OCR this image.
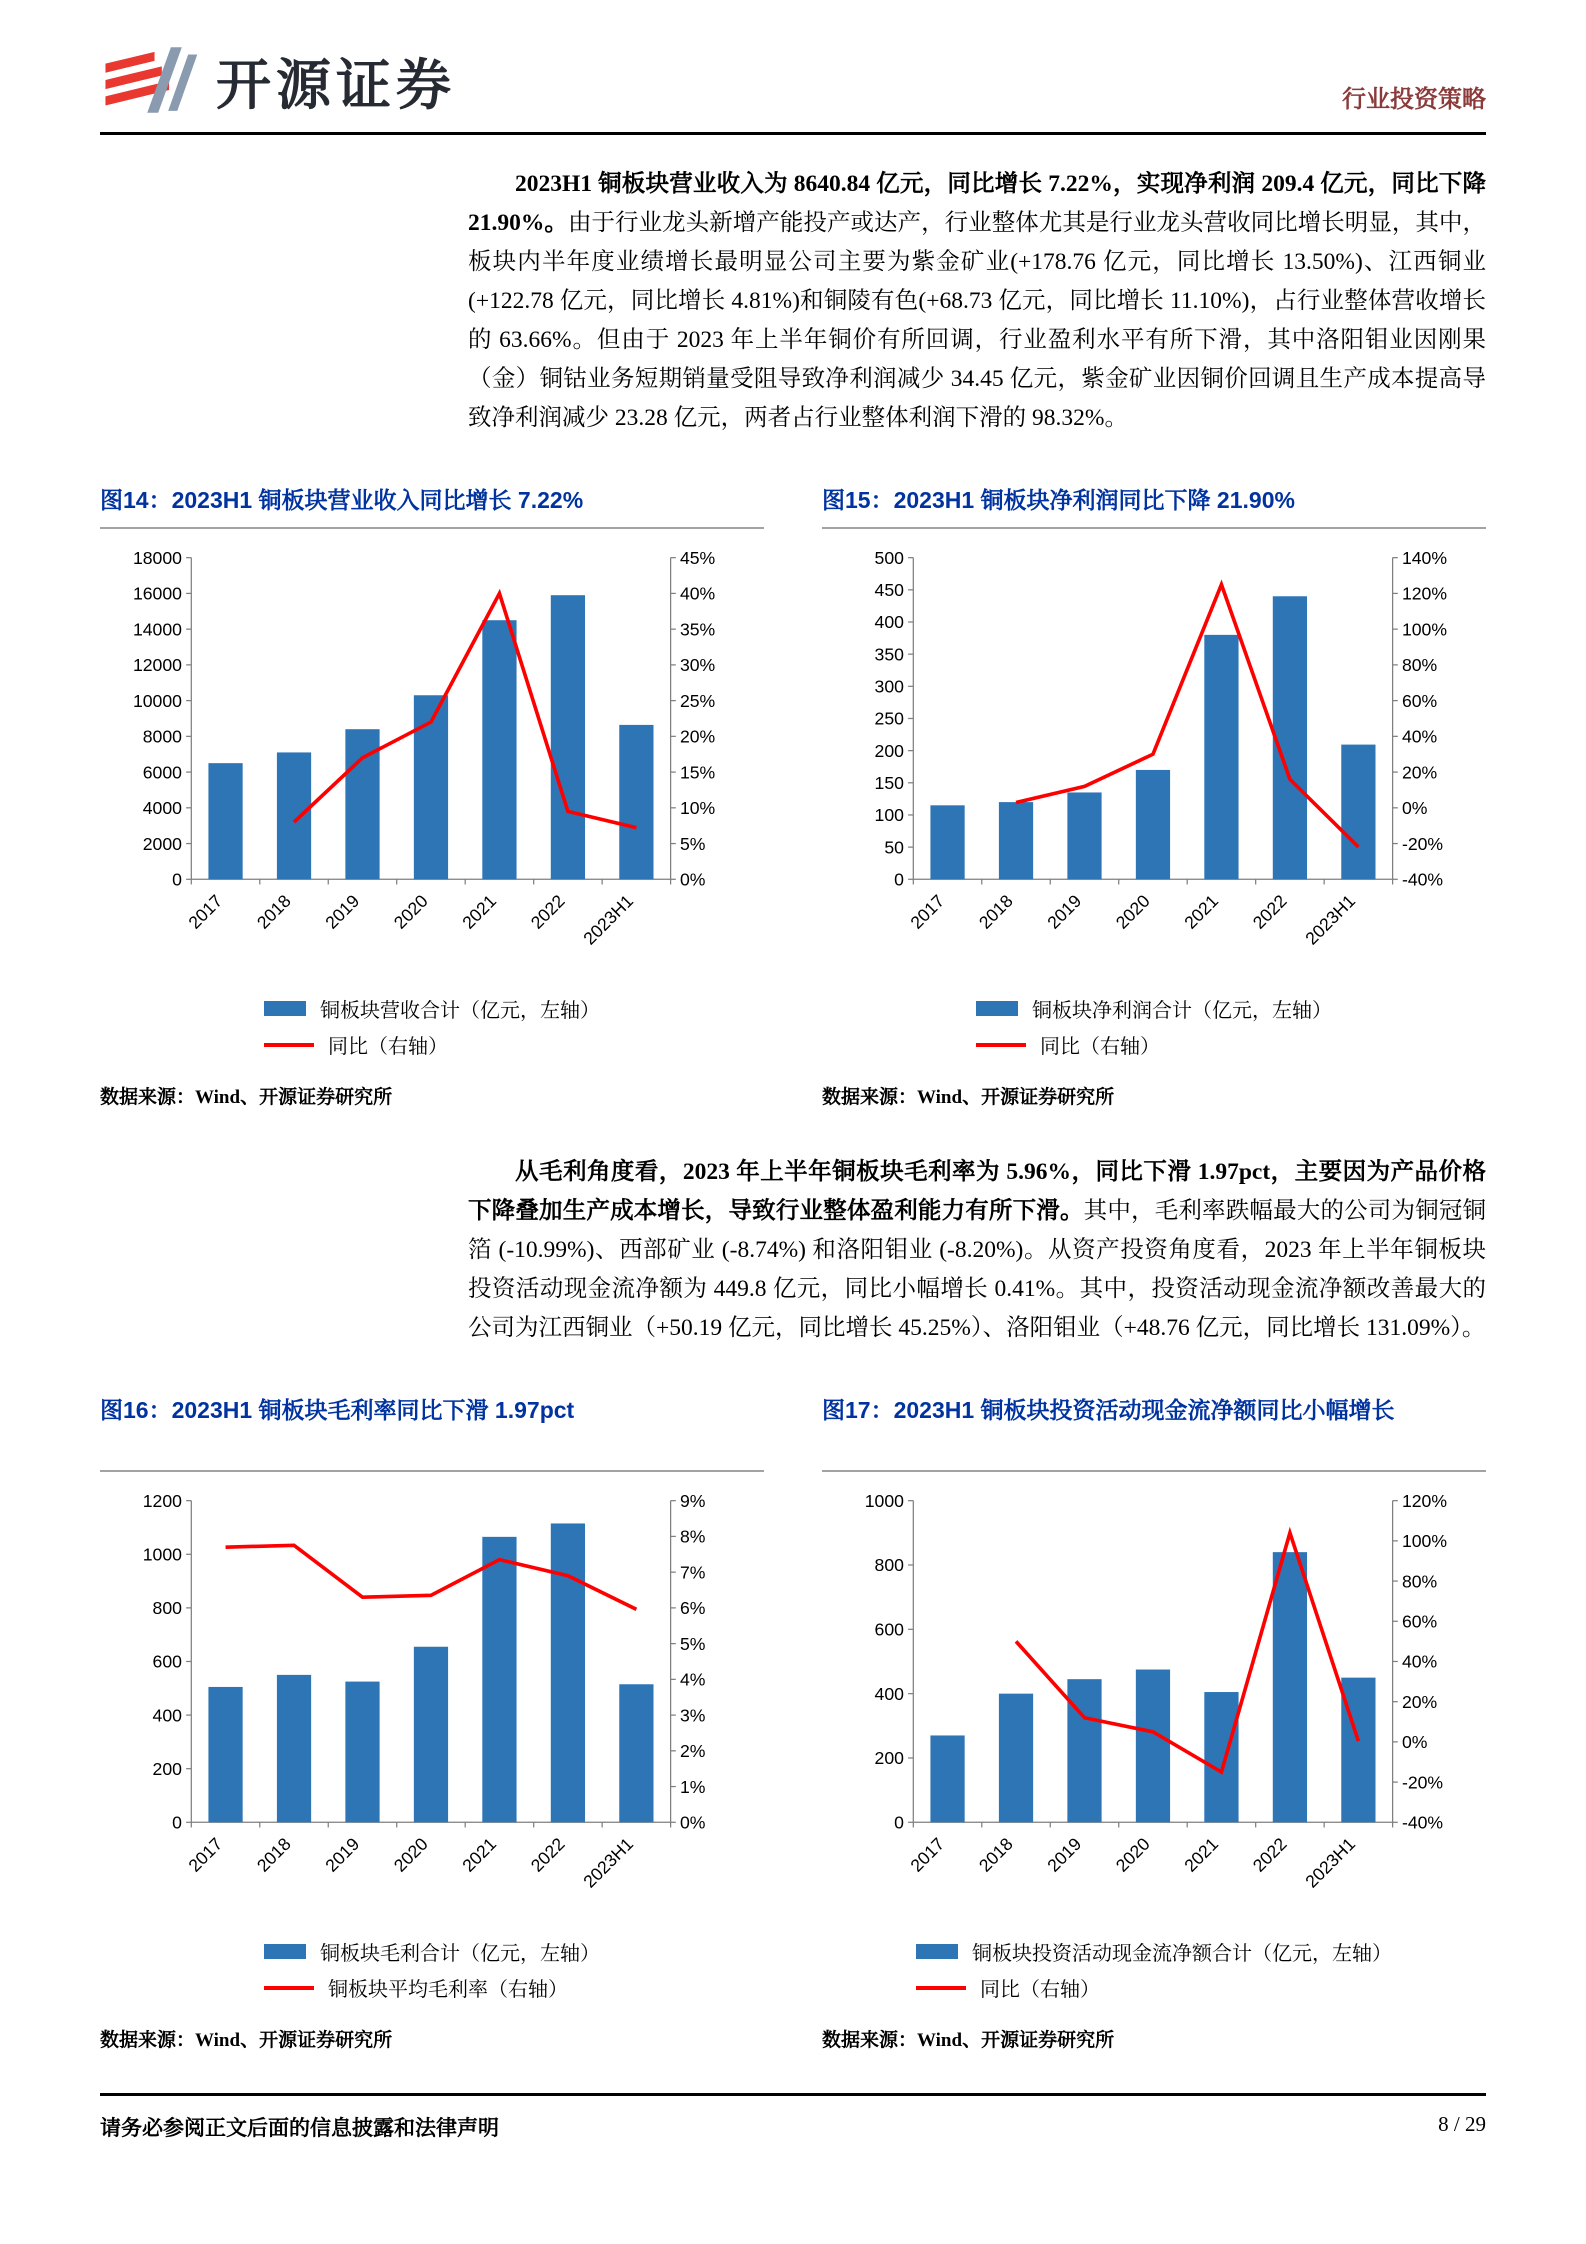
开源证券	行业投资策略

2023H1 铜板块营业收入为 8640.84 亿元，同比增长 7.22%，实现净利润 209.4 亿元，同比下降 21.90%。由于行业龙头新增产能投产或达产，行业整体尤其是行业龙头营收同比增长明显，其中，板块内半年度业绩增长最明显公司主要为紫金矿业(+178.76 亿元，同比增长 13.50%)、江西铜业(+122.78 亿元，同比增长 4.81%)和铜陵有色(+68.73 亿元，同比增长 11.10%)，占行业整体营收增长的 63.66%。但由于 2023 年上半年铜价有所回调，行业盈利水平有所下滑，其中洛阳钼业因刚果（金）铜钴业务短期销量受阻导致净利润减少 34.45 亿元，紫金矿业因铜价回调且生产成本提高导致净利润减少 23.28 亿元，两者占行业整体利润下滑的 98.32%。

图14：2023H1 铜板块营业收入同比增长 7.22%
0
2000
4000
6000
8000
10000
12000
14000
16000
18000
0%
5%
10%
15%
20%
25%
30%
35%
40%
45%
2017 2018 2019 2020 2021 2022 2023H1
铜板块营收合计（亿元，左轴）
同比（右轴）
数据来源：Wind、开源证券研究所
图15：2023H1 铜板块净利润同比下降 21.90%
0
50
100
150
200
250
300
350
400
450
500
-40%
-20%
0%
20%
40%
60%
80%
100%
120%
140%
2017 2018 2019 2020 2021 2022 2023H1
铜板块净利润合计（亿元，左轴）
同比（右轴）
数据来源：Wind、开源证券研究所

从毛利角度看，2023 年上半年铜板块毛利率为 5.96%，同比下滑 1.97pct，主要因为产品价格下降叠加生产成本增长，导致行业整体盈利能力有所下滑。其中，毛利率跌幅最大的公司为铜冠铜箔 (-10.99%)、西部矿业 (-8.74%) 和洛阳钼业 (-8.20%)。从资产投资角度看，2023 年上半年铜板块投资活动现金流净额为 449.8 亿元，同比小幅增长 0.41%。其中，投资活动现金流净额改善最大的公司为江西铜业（+50.19 亿元，同比增长 45.25%）、洛阳钼业（+48.76 亿元，同比增长 131.09%）。

图16：2023H1 铜板块毛利率同比下滑 1.97pct
0
200
400
600
800
1000
1200
0%
1%
2%
3%
4%
5%
6%
7%
8%
9%
2017 2018 2019 2020 2021 2022 2023H1
铜板块毛利合计（亿元，左轴）
铜板块平均毛利率（右轴）
数据来源：Wind、开源证券研究所
图17：2023H1 铜板块投资活动现金流净额同比小幅增长
0
200
400
600
800
1000
-40%
-20%
0%
20%
40%
60%
80%
100%
120%
2017 2018 2019 2020 2021 2022 2023H1
铜板块投资活动现金流净额合计（亿元，左轴）
同比（右轴）
数据来源：Wind、开源证券研究所
请务必参阅正文后面的信息披露和法律声明	8 / 29
